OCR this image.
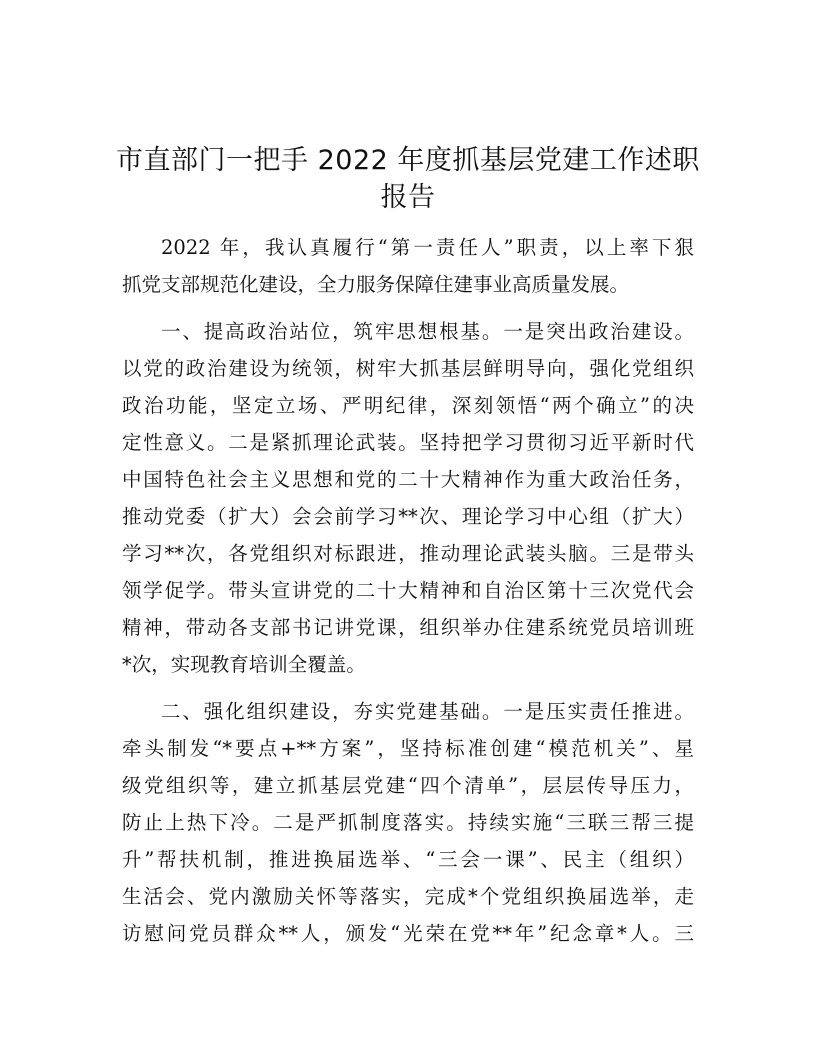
市直部门一把手 2022 年度抓基层党建工作述职
报告
2022 年，我认真履行“第一责任人”职责，以上率下狠
抓党支部规范化建设，全力服务保障住建事业高质量发展。
一、提高政治站位，筑牢思想根基。一是突出政治建设。
以党的政治建设为统领，树牢大抓基层鲜明导向，强化党组织
政治功能，坚定立场、严明纪律，深刻领悟“两个确立”的决
定性意义。二是紧抓理论武装。坚持把学习贯彻习近平新时代
中国特色社会主义思想和党的二十大精神作为重大政治任务，
推动党委（扩大）会会前学习**次、理论学习中心组（扩大）
学习**次，各党组织对标跟进，推动理论武装头脑。三是带头
领学促学。带头宣讲党的二十大精神和自治区第十三次党代会
精神，带动各支部书记讲党课，组织举办住建系统党员培训班
*次，实现教育培训全覆盖。
二、强化组织建设，夯实党建基础。一是压实责任推进。
牵头制发“*要点+**方案”，坚持标准创建“模范机关”、星
级党组织等，建立抓基层党建“四个清单”，层层传导压力，
防止上热下冷。二是严抓制度落实。持续实施“三联三帮三提
升”帮扶机制，推进换届选举、“三会一课”、民主（组织）
生活会、党内激励关怀等落实，完成*个党组织换届选举，走
访慰问党员群众**人，颁发“光荣在党**年”纪念章*人。三
